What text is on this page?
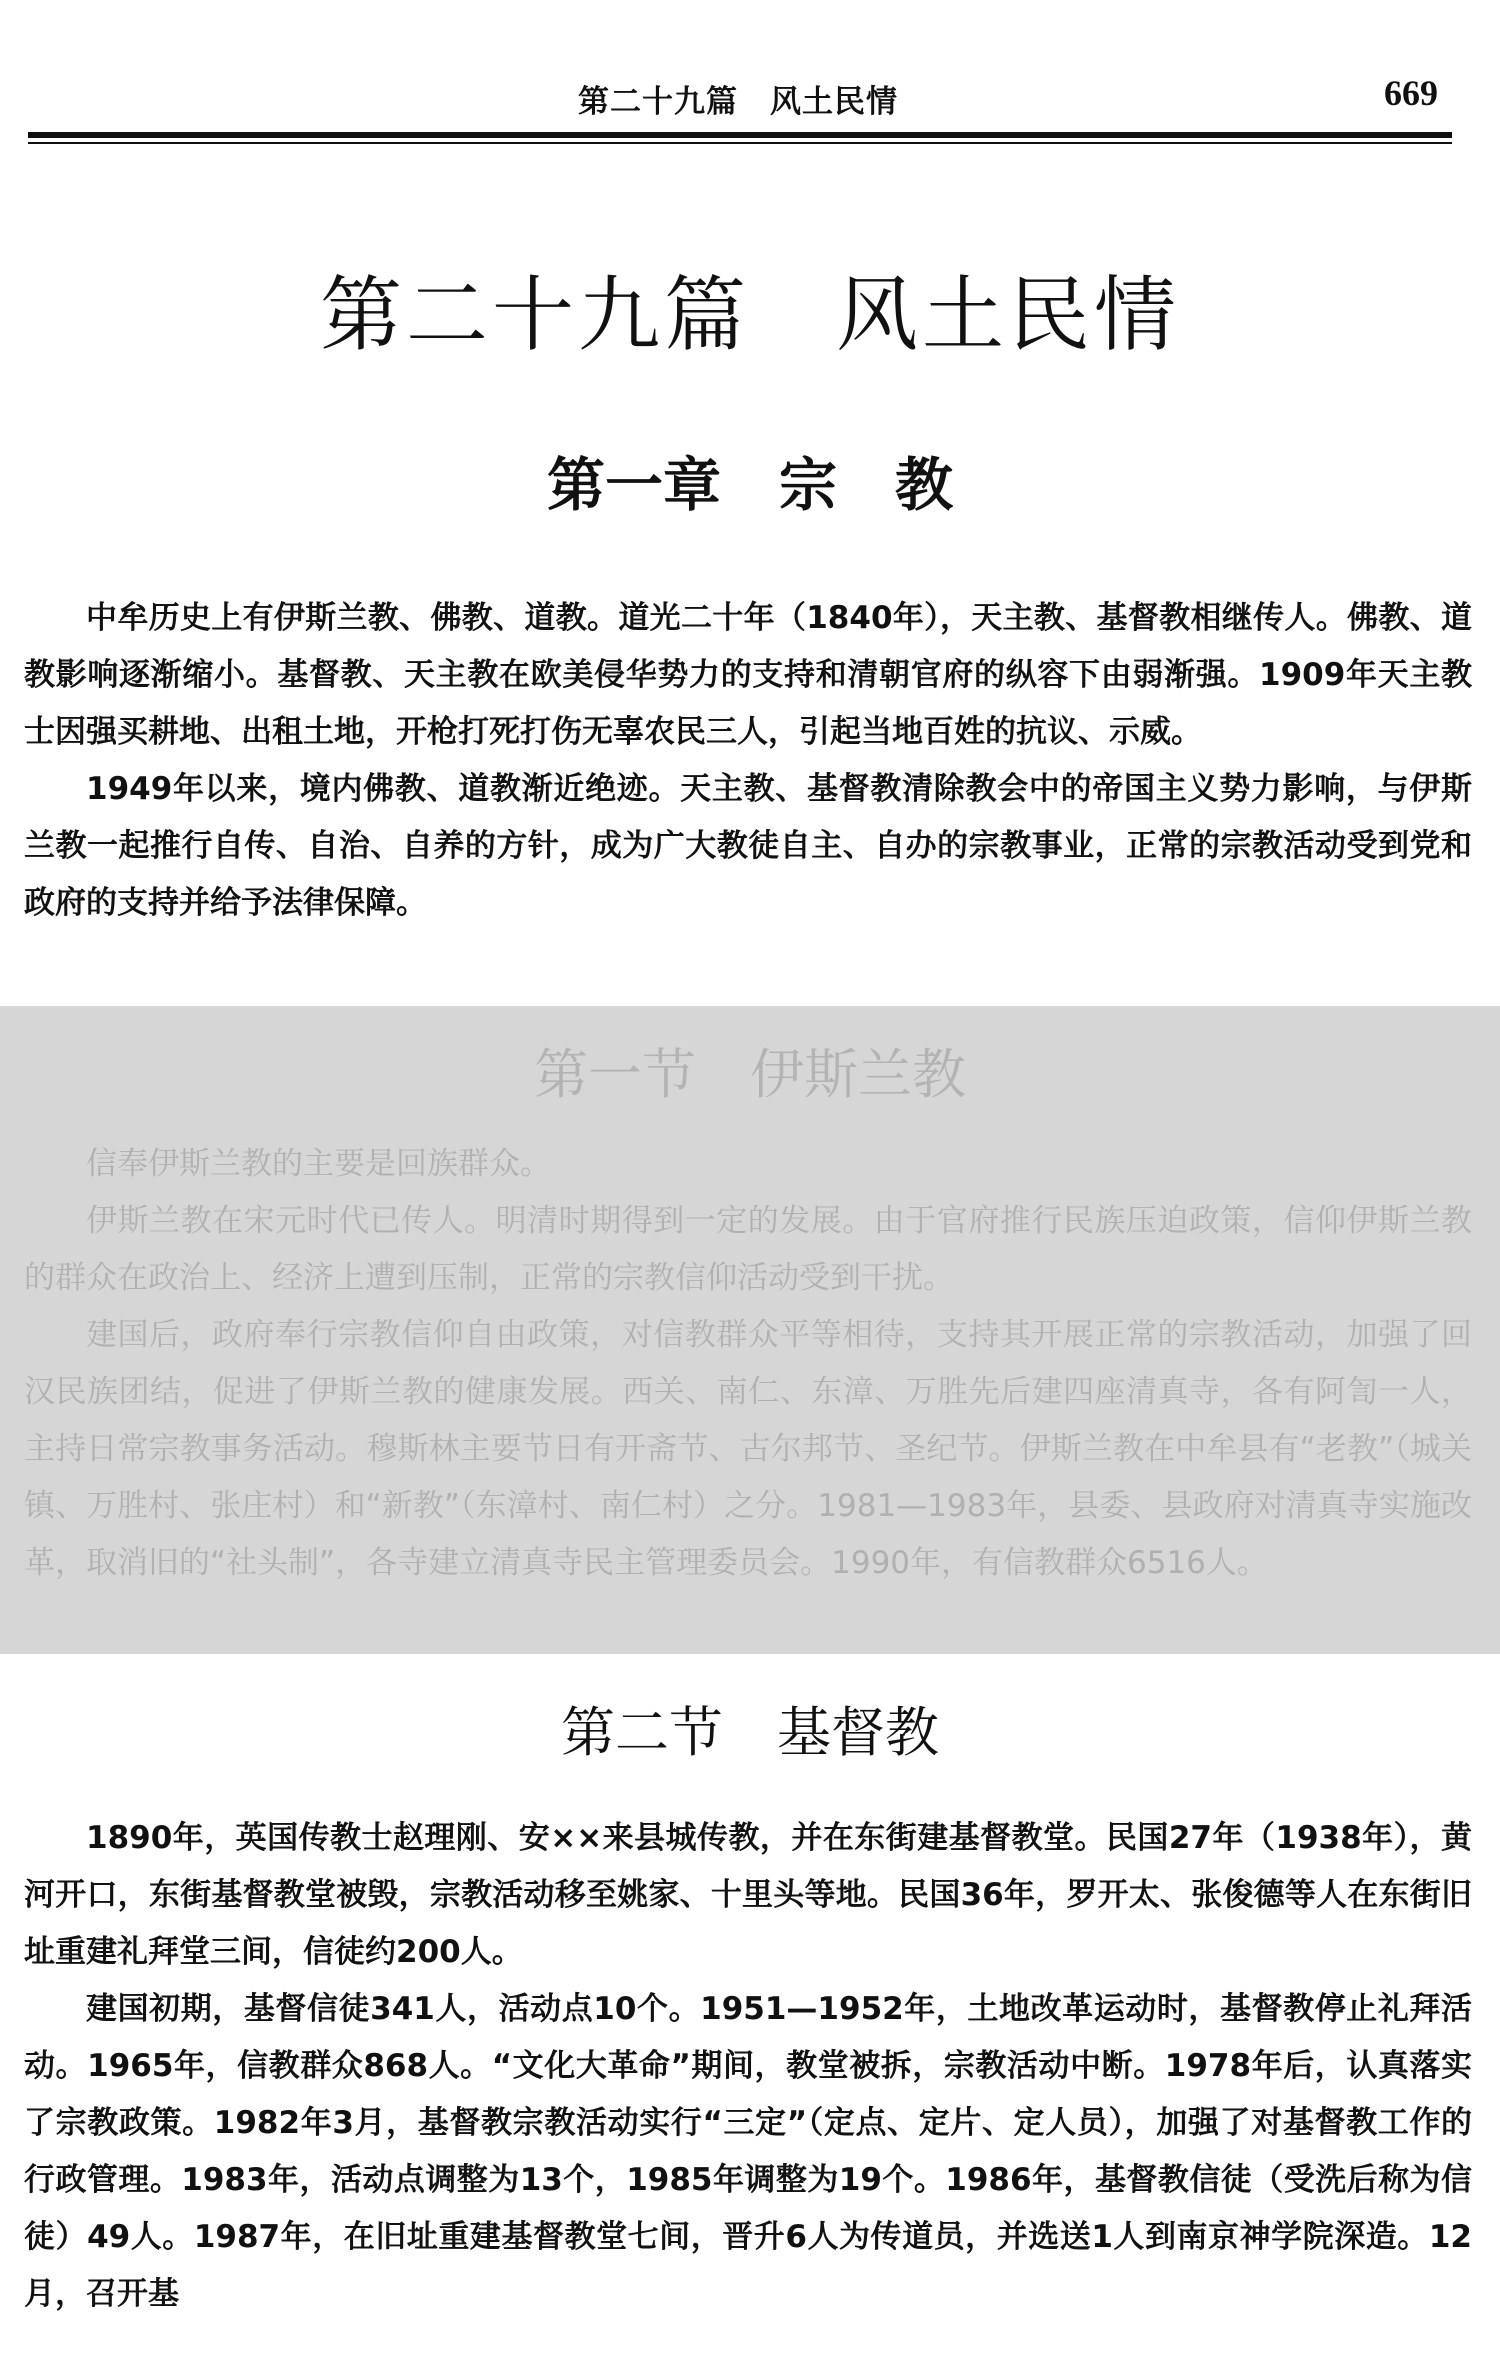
第二十九篇　风土民情	669
第二十九篇　风土民情
第一章　宗　教

中牟历史上有伊斯兰教、佛教、道教。道光二十年（1840年），天主教、基督教相继传人。佛教、道教影响逐渐缩小。基督教、天主教在欧美侵华势力的支持和清朝官府的纵容下由弱渐强。1909年天主教士因强买耕地、出租土地，开枪打死打伤无辜农民三人，引起当地百姓的抗议、示威。

1949年以来，境内佛教、道教渐近绝迹。天主教、基督教清除教会中的帝国主义势力影响，与伊斯兰教一起推行自传、自治、自养的方针，成为广大教徒自主、自办的宗教事业，正常的宗教活动受到党和政府的支持并给予法律保障。

第一节　伊斯兰教

信奉伊斯兰教的主要是回族群众。

伊斯兰教在宋元时代已传人。明清时期得到一定的发展。由于官府推行民族压迫政策，信仰伊斯兰教的群众在政治上、经济上遭到压制，正常的宗教信仰活动受到干扰。

建国后，政府奉行宗教信仰自由政策，对信教群众平等相待，支持其开展正常的宗教活动，加强了回汉民族团结，促进了伊斯兰教的健康发展。西关、南仁、东漳、万胜先后建四座清真寺，各有阿訇一人，主持日常宗教事务活动。穆斯林主要节日有开斋节、古尔邦节、圣纪节。伊斯兰教在中牟县有“老教”（城关镇、万胜村、张庄村）和“新教”（东漳村、南仁村）之分。1981—1983年，县委、县政府对清真寺实施改革，取消旧的“社头制”，各寺建立清真寺民主管理委员会。1990年，有信教群众6516人。

第二节　基督教

1890年，英国传教士赵理刚、安××来县城传教，并在东街建基督教堂。民国27年（1938年），黄河开口，东街基督教堂被毁，宗教活动移至姚家、十里头等地。民国36年，罗开太、张俊德等人在东街旧址重建礼拜堂三间，信徒约200人。

建国初期，基督信徒341人，活动点10个。1951—1952年，土地改革运动时，基督教停止礼拜活动。1965年，信教群众868人。“文化大革命”期间，教堂被拆，宗教活动中断。1978年后，认真落实了宗教政策。1982年3月，基督教宗教活动实行“三定”（定点、定片、定人员），加强了对基督教工作的行政管理。1983年，活动点调整为13个，1985年调整为19个。1986年，基督教信徒（受洗后称为信徒）49人。1987年，在旧址重建基督教堂七间，晋升6人为传道员，并选送1人到南京神学院深造。12月，召开基
